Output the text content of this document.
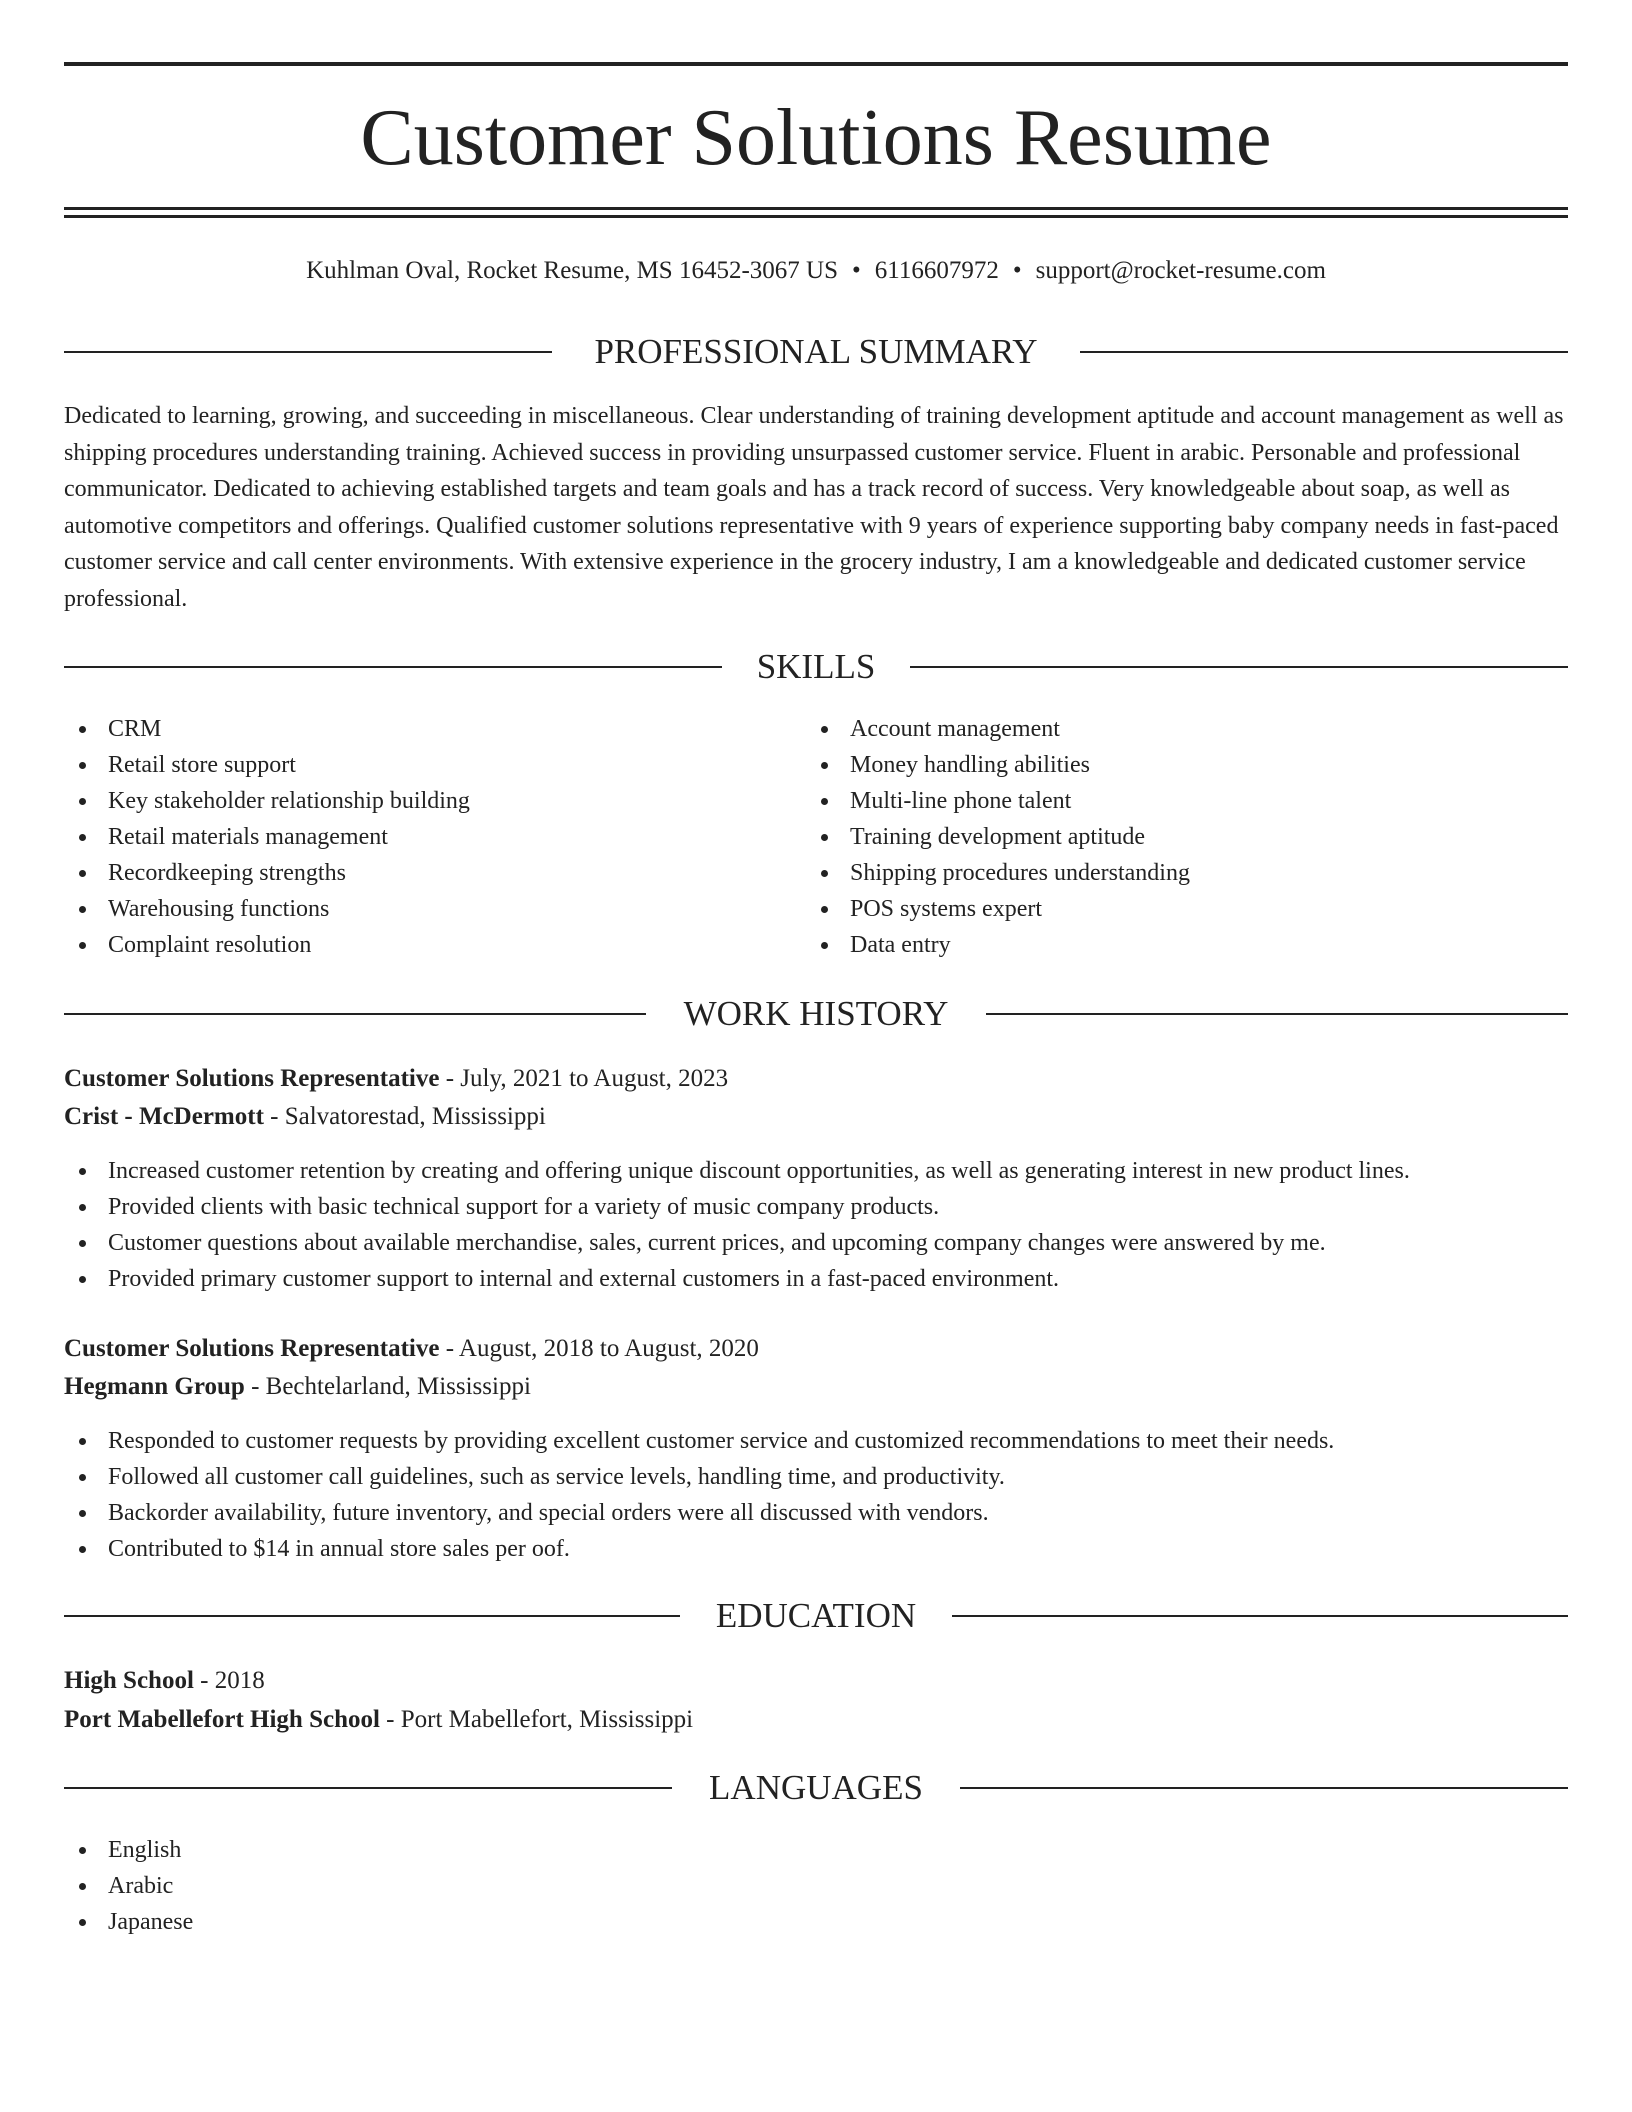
Customer Solutions Resume
Kuhlman Oval, Rocket Resume, MS 16452-3067 US • 6116607972 • support@rocket-resume.com
PROFESSIONAL SUMMARY

Dedicated to learning, growing, and succeeding in miscellaneous. Clear understanding of training development aptitude and account management as well as shipping procedures understanding training. Achieved success in providing unsurpassed customer service. Fluent in arabic. Personable and professional communicator. Dedicated to achieving established targets and team goals and has a track record of success. Very knowledgeable about soap, as well as automotive competitors and offerings. Qualified customer solutions representative with 9 years of experience supporting baby company needs in fast-paced customer service and call center environments. With extensive experience in the grocery industry, I am a knowledgeable and dedicated customer service professional.

SKILLS
CRM
Retail store support
Key stakeholder relationship building
Retail materials management
Recordkeeping strengths
Warehousing functions
Complaint resolution
Account management
Money handling abilities
Multi-line phone talent
Training development aptitude
Shipping procedures understanding
POS systems expert
Data entry
WORK HISTORY
Customer Solutions Representative - July, 2021 to August, 2023
Crist - McDermott - Salvatorestad, Mississippi
Increased customer retention by creating and offering unique discount opportunities, as well as generating interest in new product lines.
Provided clients with basic technical support for a variety of music company products.
Customer questions about available merchandise, sales, current prices, and upcoming company changes were answered by me.
Provided primary customer support to internal and external customers in a fast-paced environment.
Customer Solutions Representative - August, 2018 to August, 2020
Hegmann Group - Bechtelarland, Mississippi
Responded to customer requests by providing excellent customer service and customized recommendations to meet their needs.
Followed all customer call guidelines, such as service levels, handling time, and productivity.
Backorder availability, future inventory, and special orders were all discussed with vendors.
Contributed to $14 in annual store sales per oof.
EDUCATION
High School - 2018
Port Mabellefort High School - Port Mabellefort, Mississippi
LANGUAGES
English
Arabic
Japanese
